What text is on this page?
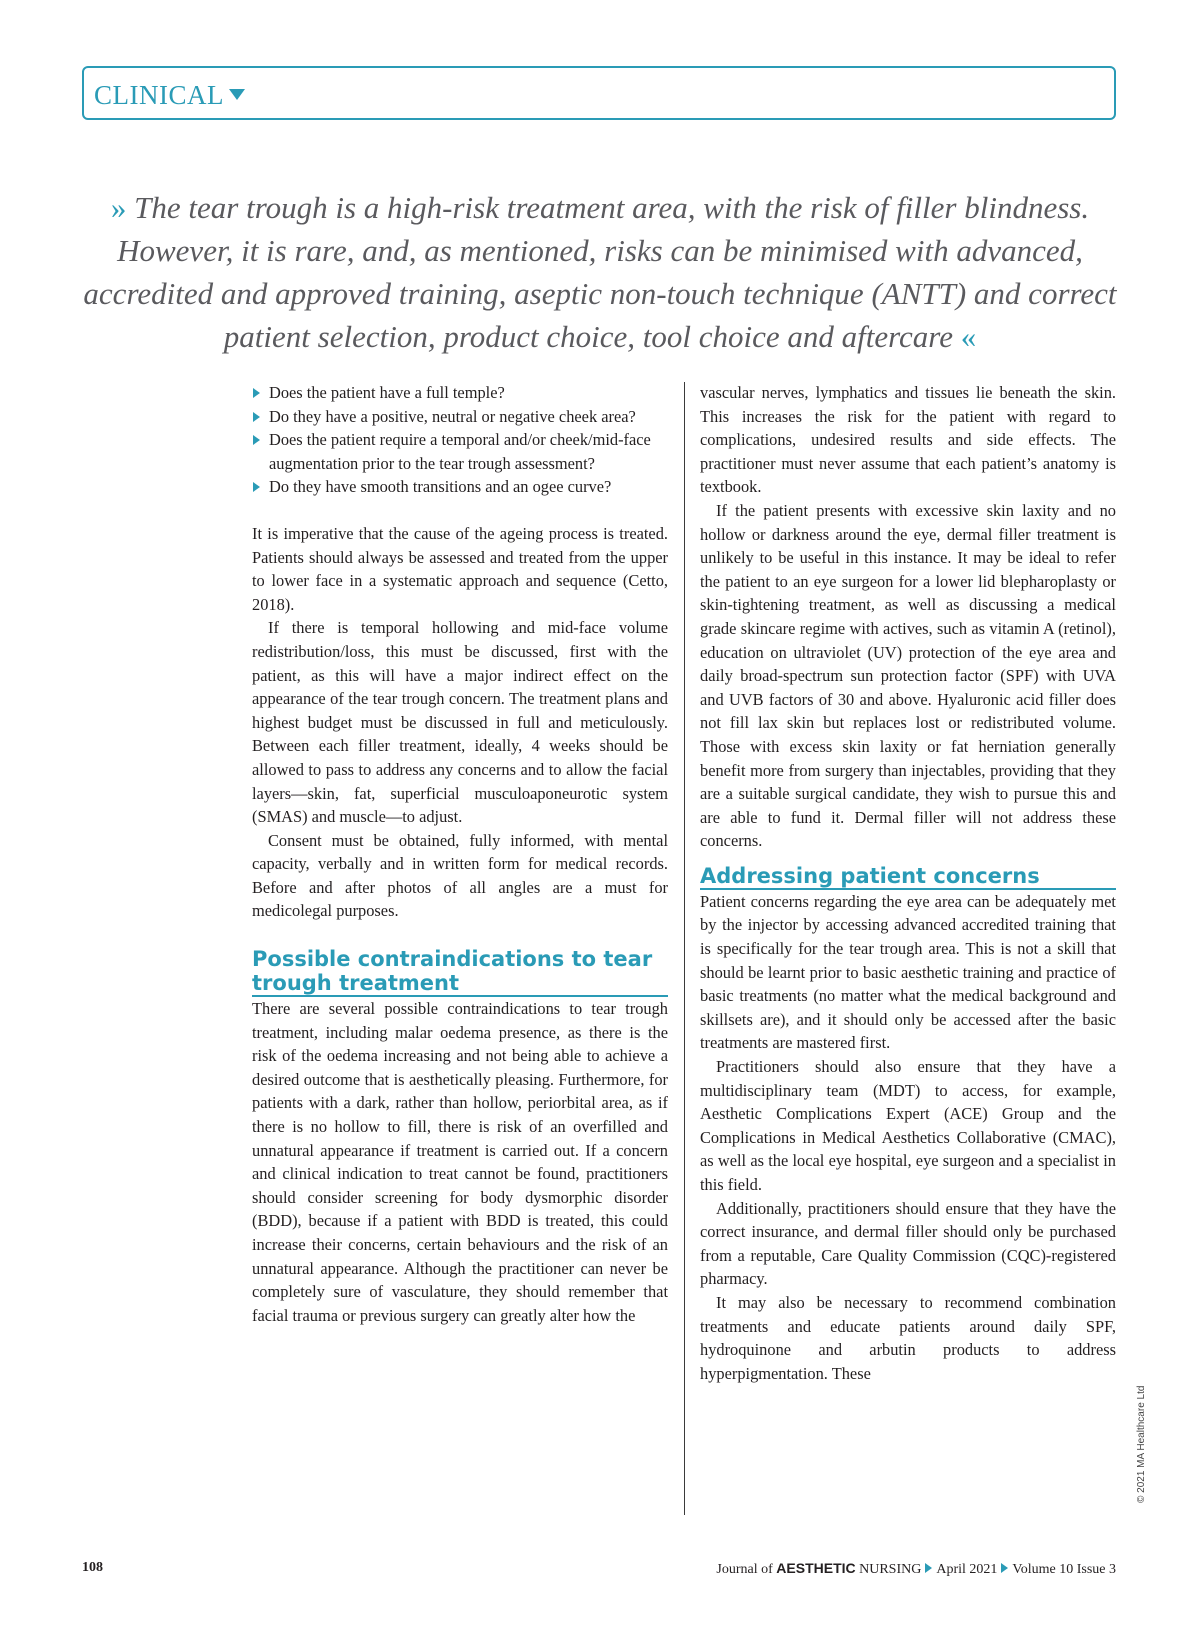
CLINICAL
» The tear trough is a high-risk treatment area, with the risk of filler blindness. However, it is rare, and, as mentioned, risks can be minimised with advanced, accredited and approved training, aseptic non-touch technique (ANTT) and correct patient selection, product choice, tool choice and aftercare «
Does the patient have a full temple?
Do they have a positive, neutral or negative cheek area?
Does the patient require a temporal and/or cheek/mid-face augmentation prior to the tear trough assessment?
Do they have smooth transitions and an ogee curve?

It is imperative that the cause of the ageing process is treated. Patients should always be assessed and treated from the upper to lower face in a systematic approach and sequence (Cetto, 2018).

If there is temporal hollowing and mid-face volume redistribution/loss, this must be discussed, first with the patient, as this will have a major indirect effect on the appearance of the tear trough concern. The treatment plans and highest budget must be discussed in full and meticulously. Between each filler treatment, ideally, 4 weeks should be allowed to pass to address any concerns and to allow the facial layers—skin, fat, superficial musculoaponeurotic system (SMAS) and muscle—to adjust.

Consent must be obtained, fully informed, with mental capacity, verbally and in written form for medical records. Before and after photos of all angles are a must for medicolegal purposes.

Possible contraindications to tear trough treatment

There are several possible contraindications to tear trough treatment, including malar oedema presence, as there is the risk of the oedema increasing and not being able to achieve a desired outcome that is aesthetically pleasing. Furthermore, for patients with a dark, rather than hollow, periorbital area, as if there is no hollow to fill, there is risk of an overfilled and unnatural appearance if treatment is carried out. If a concern and clinical indication to treat cannot be found, practitioners should consider screening for body dysmorphic disorder (BDD), because if a patient with BDD is treated, this could increase their concerns, certain behaviours and the risk of an unnatural appearance. Although the practitioner can never be completely sure of vasculature, they should remember that facial trauma or previous surgery can greatly alter how the

vascular nerves, lymphatics and tissues lie beneath the skin. This increases the risk for the patient with regard to complications, undesired results and side effects. The practitioner must never assume that each patient’s anatomy is textbook.

If the patient presents with excessive skin laxity and no hollow or darkness around the eye, dermal filler treatment is unlikely to be useful in this instance. It may be ideal to refer the patient to an eye surgeon for a lower lid blepharoplasty or skin-tightening treatment, as well as discussing a medical grade skincare regime with actives, such as vitamin A (retinol), education on ultraviolet (UV) protection of the eye area and daily broad-spectrum sun protection factor (SPF) with UVA and UVB factors of 30 and above. Hyaluronic acid filler does not fill lax skin but replaces lost or redistributed volume. Those with excess skin laxity or fat herniation generally benefit more from surgery than injectables, providing that they are a suitable surgical candidate, they wish to pursue this and are able to fund it. Dermal filler will not address these concerns.

Addressing patient concerns

Patient concerns regarding the eye area can be adequately met by the injector by accessing advanced accredited training that is specifically for the tear trough area. This is not a skill that should be learnt prior to basic aesthetic training and practice of basic treatments (no matter what the medical background and skillsets are), and it should only be accessed after the basic treatments are mastered first.

Practitioners should also ensure that they have a multidisciplinary team (MDT) to access, for example, Aesthetic Complications Expert (ACE) Group and the Complications in Medical Aesthetics Collaborative (CMAC), as well as the local eye hospital, eye surgeon and a specialist in this field.

Additionally, practitioners should ensure that they have the correct insurance, and dermal filler should only be purchased from a reputable, Care Quality Commission (CQC)-registered pharmacy.

It may also be necessary to recommend combination treatments and educate patients around daily SPF, hydroquinone and arbutin products to address hyperpigmentation. These

© 2021 MA Healthcare Ltd
108	Journal of AESTHETIC NURSING April 2021 Volume 10 Issue 3
